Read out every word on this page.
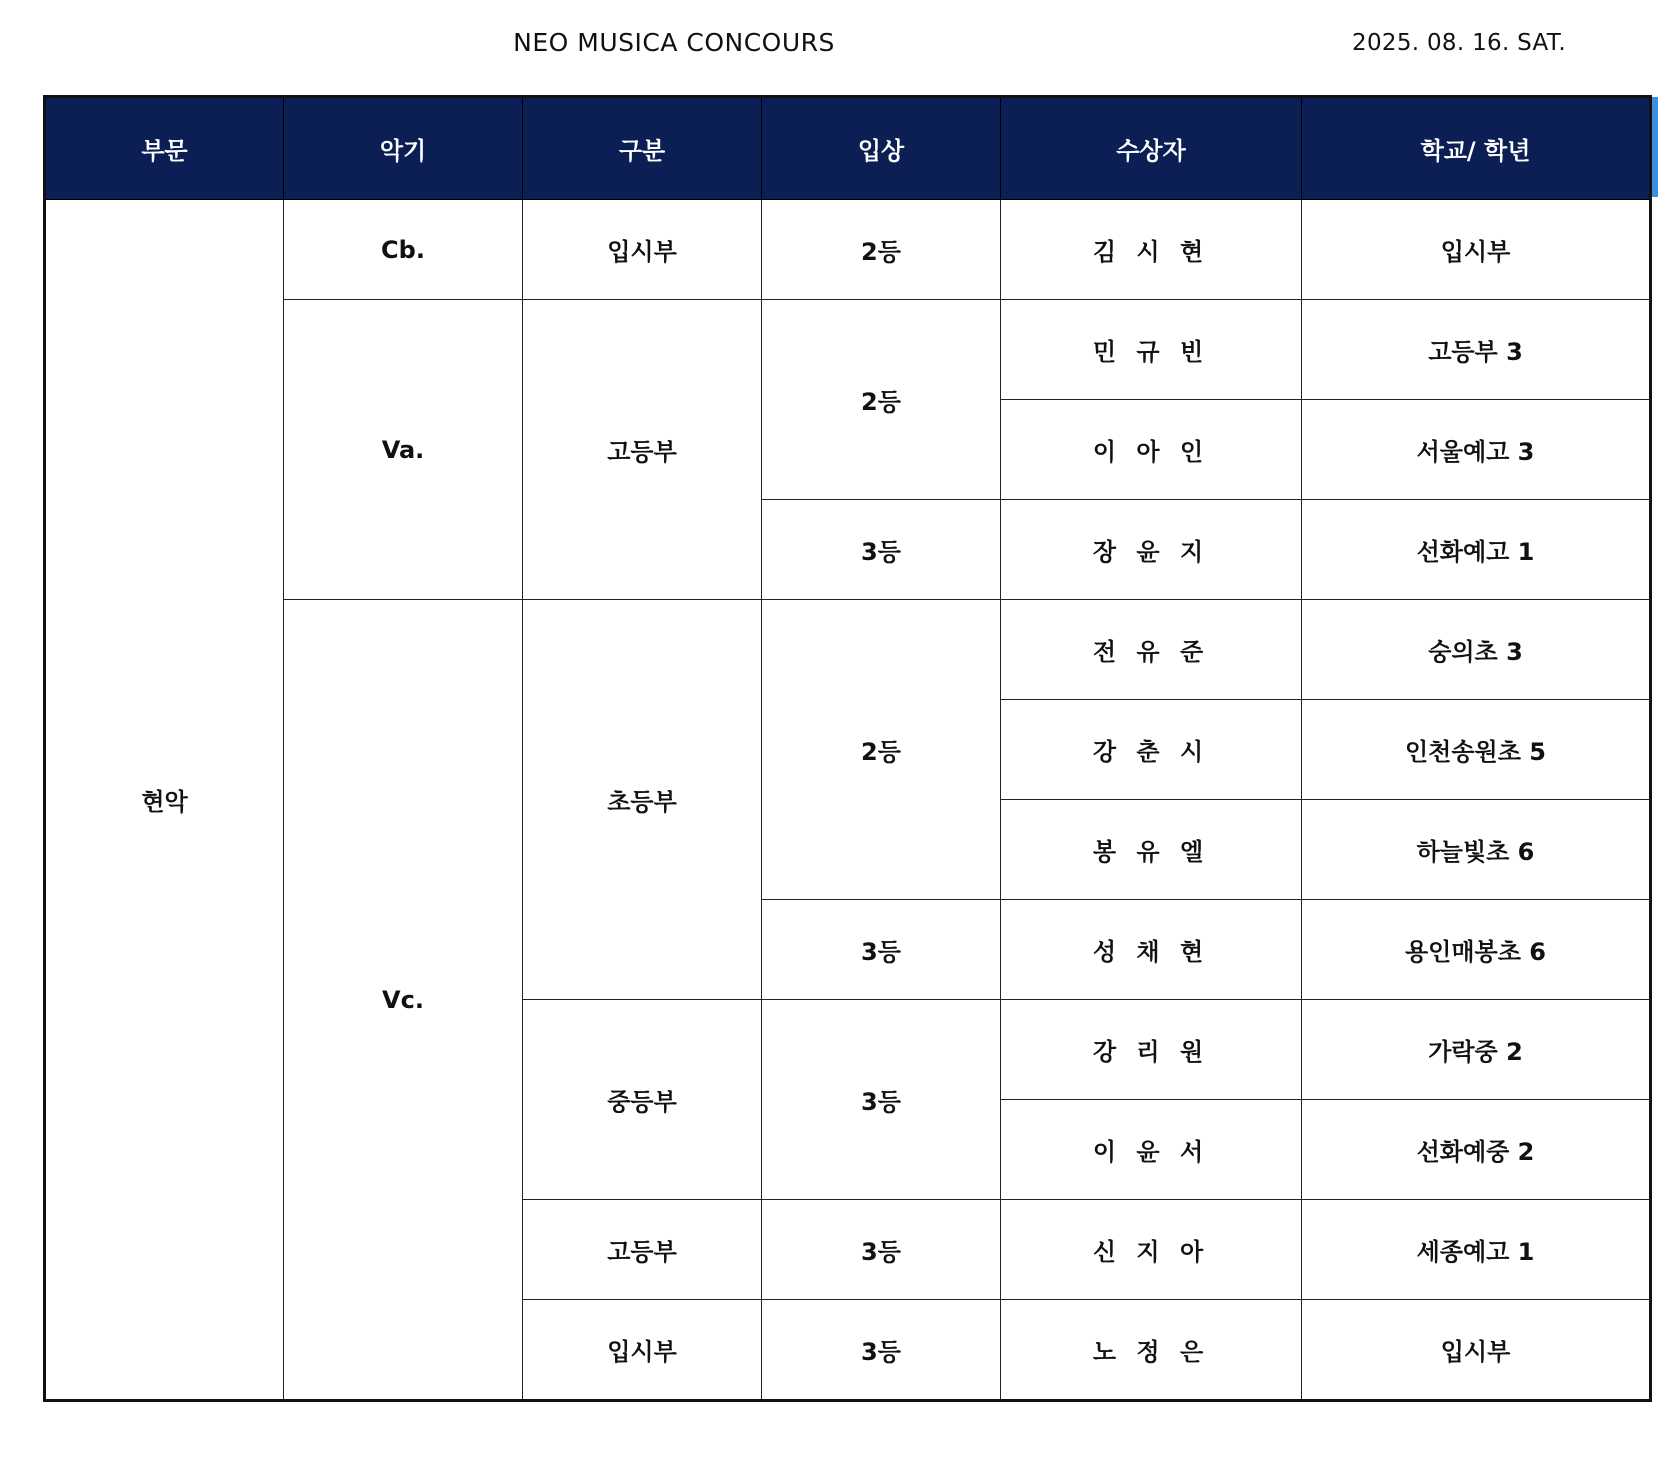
NEO MUSICA CONCOURS	2025. 08. 16. SAT.
부문	악기	구분	입상	수상자	학교/ 학년
현악	Cb.	입시부	2등	김 시 현	입시부
	Va.	고등부	2등	민 규 빈	고등부 3
				이 아 인	서울예고 3
			3등	장 윤 지	선화예고 1
	Vc.	초등부	2등	전 유 준	숭의초 3
				강 춘 시	인천송원초 5
				봉 유 엘	하늘빛초 6
			3등	성 채 현	용인매봉초 6
		중등부	3등	강 리 원	가락중 2
				이 윤 서	선화예중 2
		고등부	3등	신 지 아	세종예고 1
		입시부	3등	노 정 은	입시부
